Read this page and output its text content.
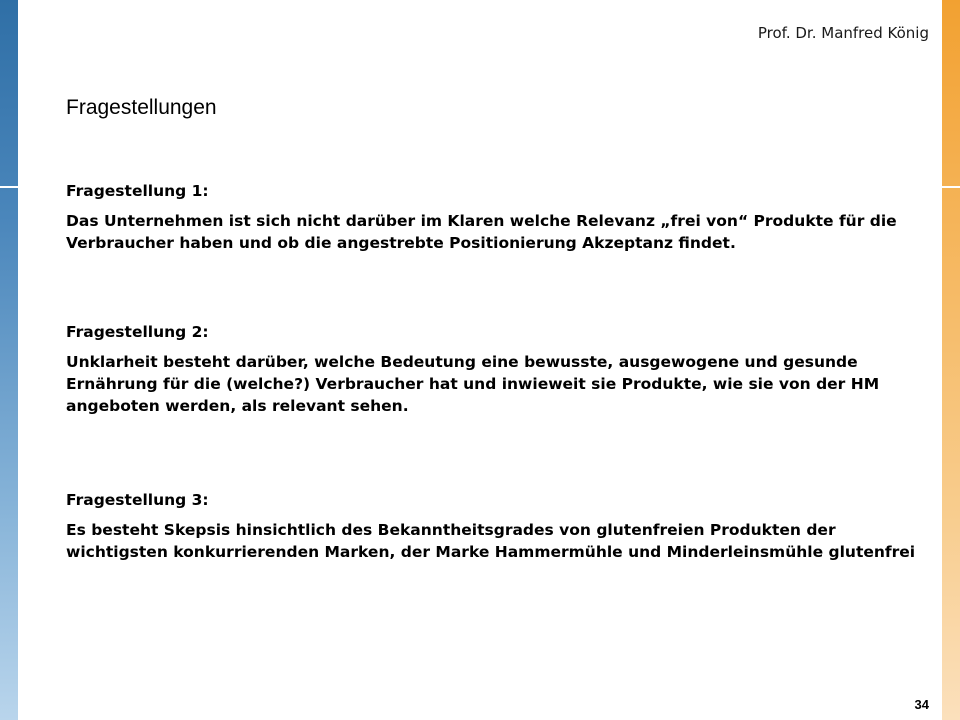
Prof. Dr. Manfred König
Fragestellungen

Fragestellung 1:

Das Unternehmen ist sich nicht darüber im Klaren welche Relevanz „frei von“ Produkte für die Verbraucher haben und ob die angestrebte Positionierung Akzeptanz findet.

Fragestellung 2:

Unklarheit besteht darüber, welche Bedeutung eine bewusste, ausgewogene und gesunde Ernährung für die (welche?) Verbraucher hat und inwieweit sie Produkte, wie sie von der HM angeboten werden, als relevant sehen.

Fragestellung 3:

Es besteht Skepsis hinsichtlich des Bekanntheitsgrades von glutenfreien Produkten der wichtigsten konkurrierenden Marken, der Marke Hammermühle und Minderleinsmühle glutenfrei

34
